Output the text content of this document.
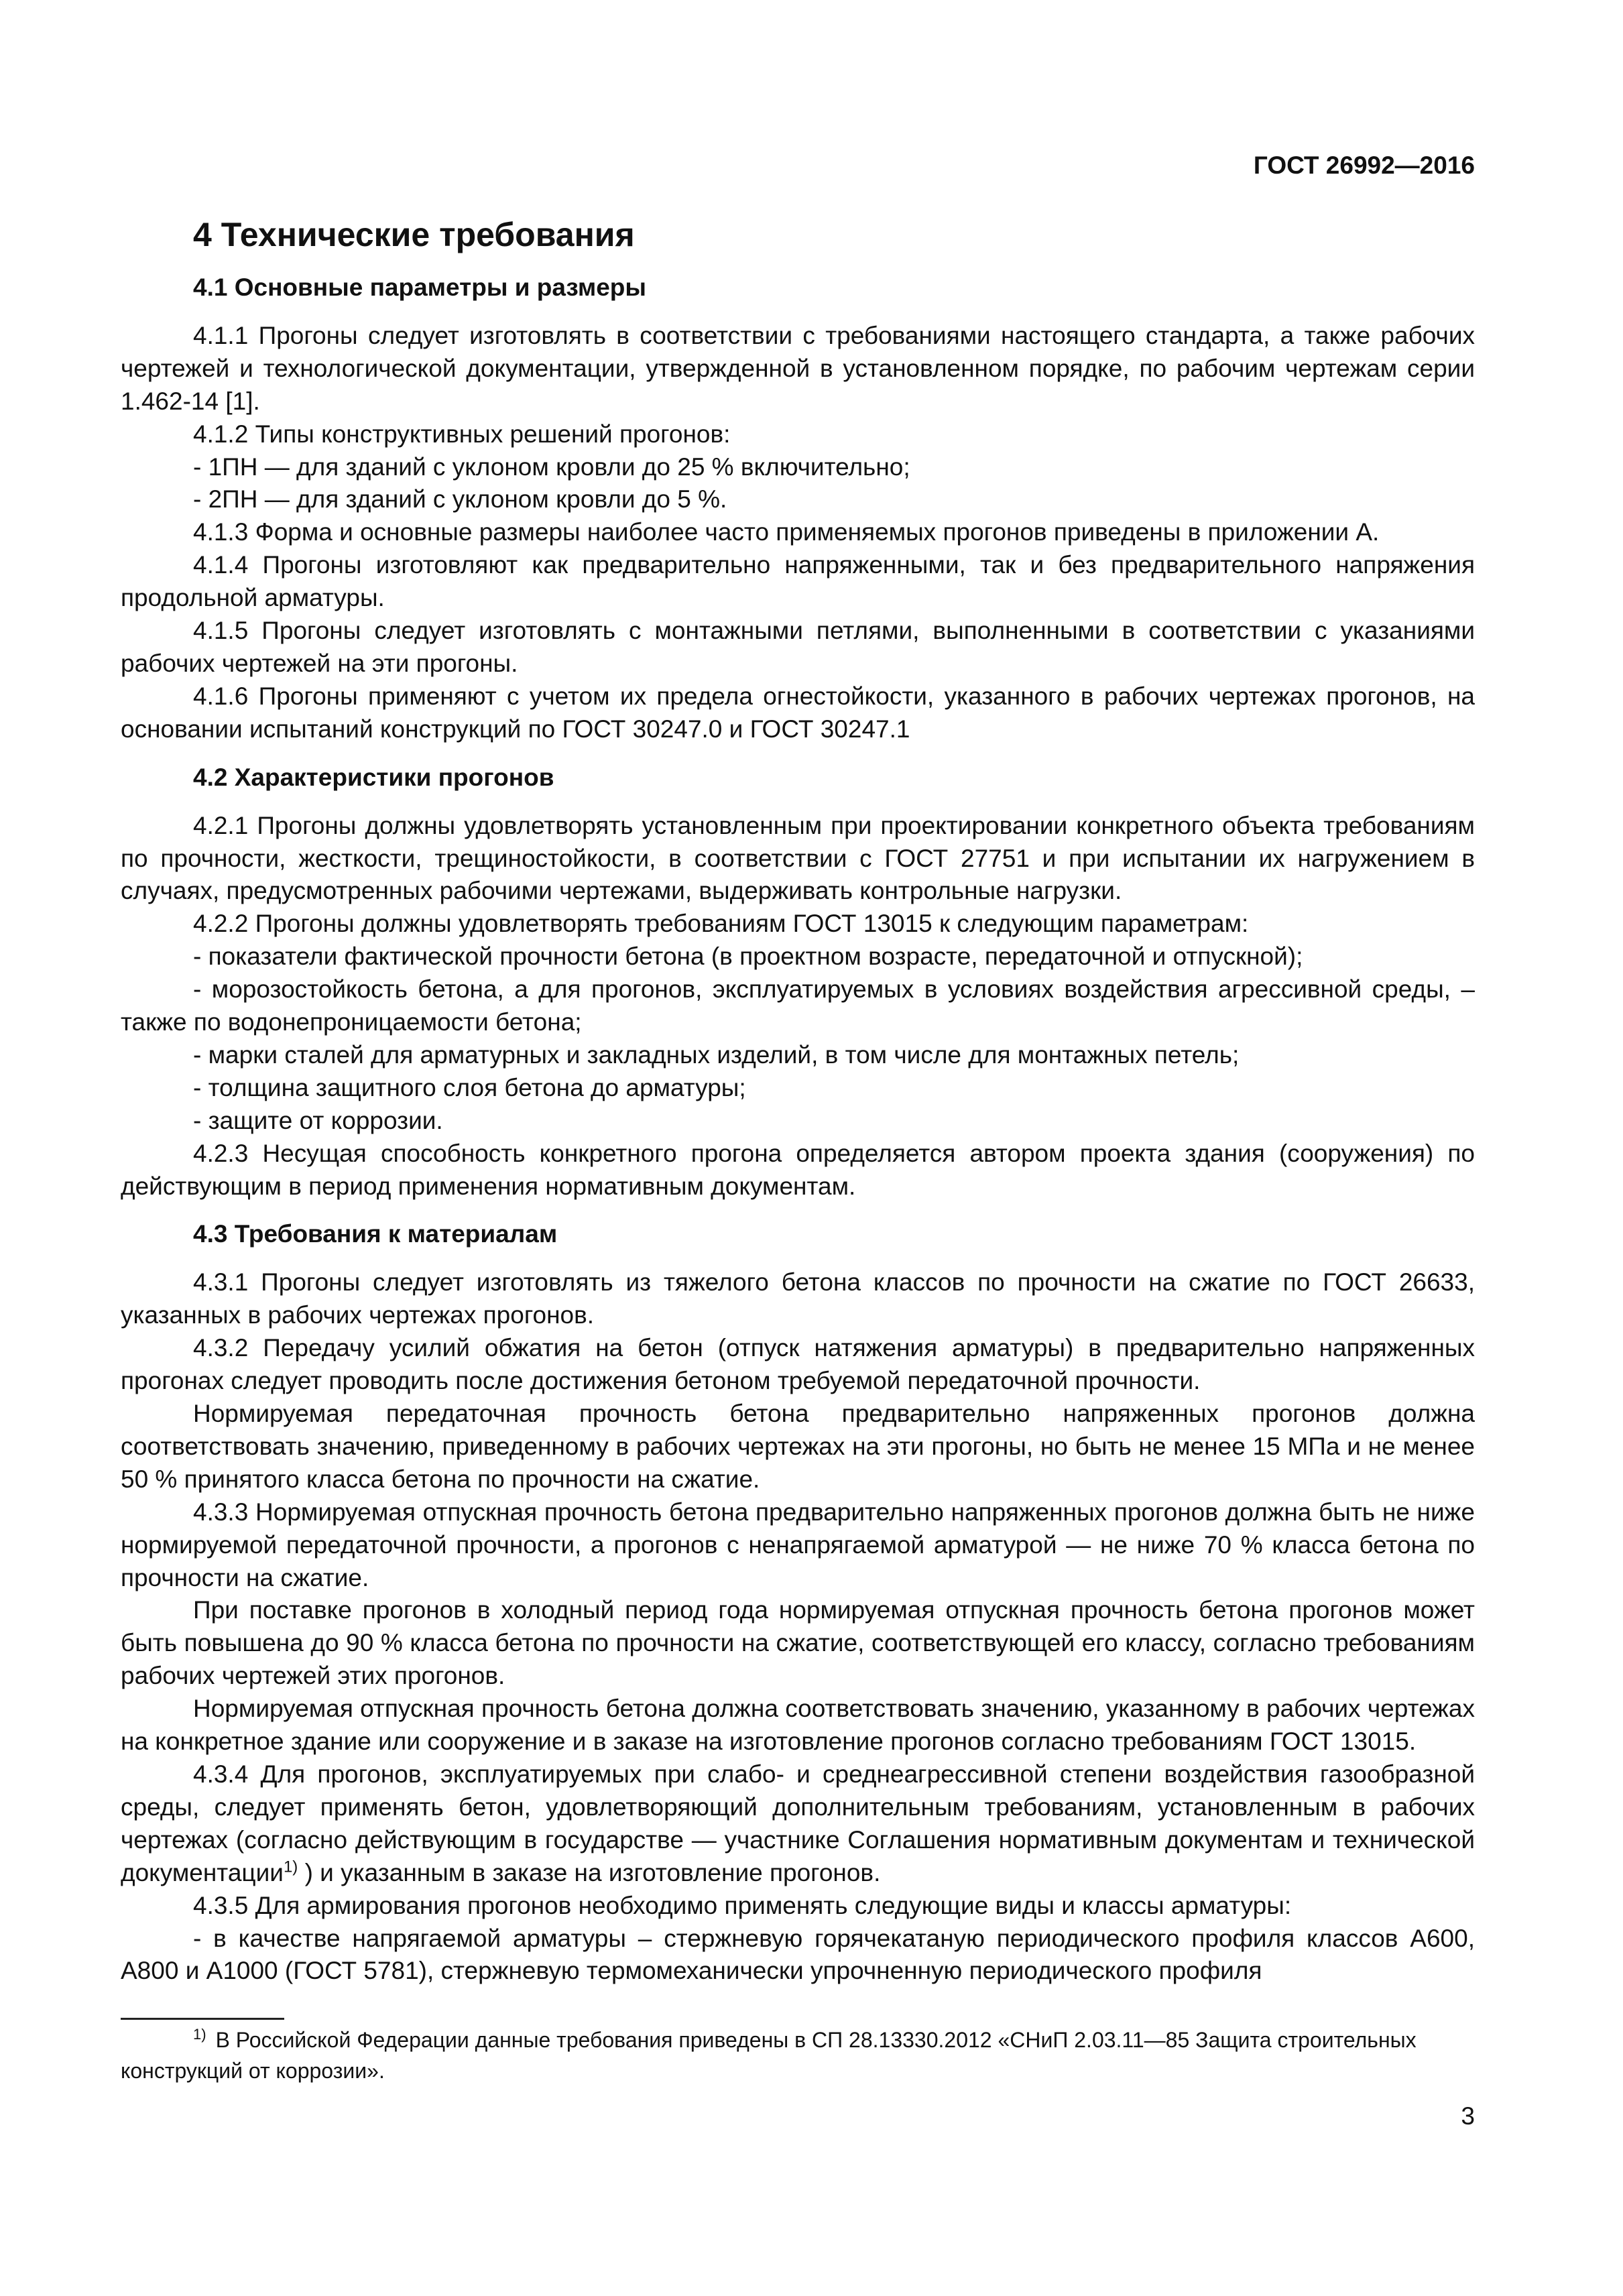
ГОСТ 26992—2016
4 Технические требования
4.1 Основные параметры и размеры

4.1.1 Прогоны следует изготовлять в соответствии с требованиями настоящего стандарта, а также рабочих чертежей и технологической документации, утвержденной в установленном порядке, по рабочим чертежам серии 1.462-14 [1].

4.1.2 Типы конструктивных решений прогонов:

- 1ПН — для зданий с уклоном кровли до 25 % включительно;

- 2ПН — для зданий с уклоном кровли до 5 %.

4.1.3 Форма и основные размеры наиболее часто применяемых прогонов приведены в приложении А.

4.1.4 Прогоны изготовляют как предварительно напряженными, так и без предварительного напряжения продольной арматуры.

4.1.5 Прогоны следует изготовлять с монтажными петлями, выполненными в соответствии с указаниями рабочих чертежей на эти прогоны.

4.1.6 Прогоны применяют с учетом их предела огнестойкости, указанного в рабочих чертежах прогонов, на основании испытаний конструкций по ГОСТ 30247.0 и ГОСТ 30247.1

4.2 Характеристики прогонов

4.2.1 Прогоны должны удовлетворять установленным при проектировании конкретного объекта требованиям по прочности, жесткости, трещиностойкости, в соответствии с ГОСТ 27751 и при испытании их нагружением в случаях, предусмотренных рабочими чертежами, выдерживать контрольные нагрузки.

4.2.2 Прогоны должны удовлетворять требованиям ГОСТ 13015 к следующим параметрам:

- показатели фактической прочности бетона (в проектном возрасте, передаточной и отпускной);

- морозостойкость бетона, а для прогонов, эксплуатируемых в условиях воздействия агрессивной среды, – также по водонепроницаемости бетона;

- марки сталей для арматурных и закладных изделий, в том числе для монтажных петель;

- толщина защитного слоя бетона до арматуры;

- защите от коррозии.

4.2.3 Несущая способность конкретного прогона определяется автором проекта здания (сооружения) по действующим в период применения нормативным документам.

4.3 Требования к материалам

4.3.1 Прогоны следует изготовлять из тяжелого бетона классов по прочности на сжатие по ГОСТ 26633, указанных в рабочих чертежах прогонов.

4.3.2 Передачу усилий обжатия на бетон (отпуск натяжения арматуры) в предварительно напряженных прогонах следует проводить после достижения бетоном требуемой передаточной прочности.

Нормируемая передаточная прочность бетона предварительно напряженных прогонов должна соответствовать значению, приведенному в рабочих чертежах на эти прогоны, но быть не менее 15 МПа и не менее 50 % принятого класса бетона по прочности на сжатие.

4.3.3 Нормируемая отпускная прочность бетона предварительно напряженных прогонов должна быть не ниже нормируемой передаточной прочности, а прогонов с ненапрягаемой арматурой — не ниже 70 % класса бетона по прочности на сжатие.

При поставке прогонов в холодный период года нормируемая отпускная прочность бетона прогонов может быть повышена до 90 % класса бетона по прочности на сжатие, соответствующей его классу, согласно требованиям рабочих чертежей этих прогонов.

Нормируемая отпускная прочность бетона должна соответствовать значению, указанному в рабочих чертежах на конкретное здание или сооружение и в заказе на изготовление прогонов согласно требованиям ГОСТ 13015.

4.3.4 Для прогонов, эксплуатируемых при слабо- и среднеагрессивной степени воздействия газообразной среды, следует применять бетон, удовлетворяющий дополнительным требованиям, установленным в рабочих чертежах (согласно действующим в государстве — участнике Соглашения нормативным документам и технической документации$^{1)}$ ) и указанным в заказе на изготовление прогонов.

4.3.5 Для армирования прогонов необходимо применять следующие виды и классы арматуры:

- в качестве напрягаемой арматуры – стержневую горячекатаную периодического профиля классов А600, А800 и А1000 (ГОСТ 5781), стержневую термомеханически упрочненную периодического профиля

1) В Российской Федерации данные требования приведены в СП 28.13330.2012 «СНиП 2.03.11—85 Защита строительных конструкций от коррозии».
3
